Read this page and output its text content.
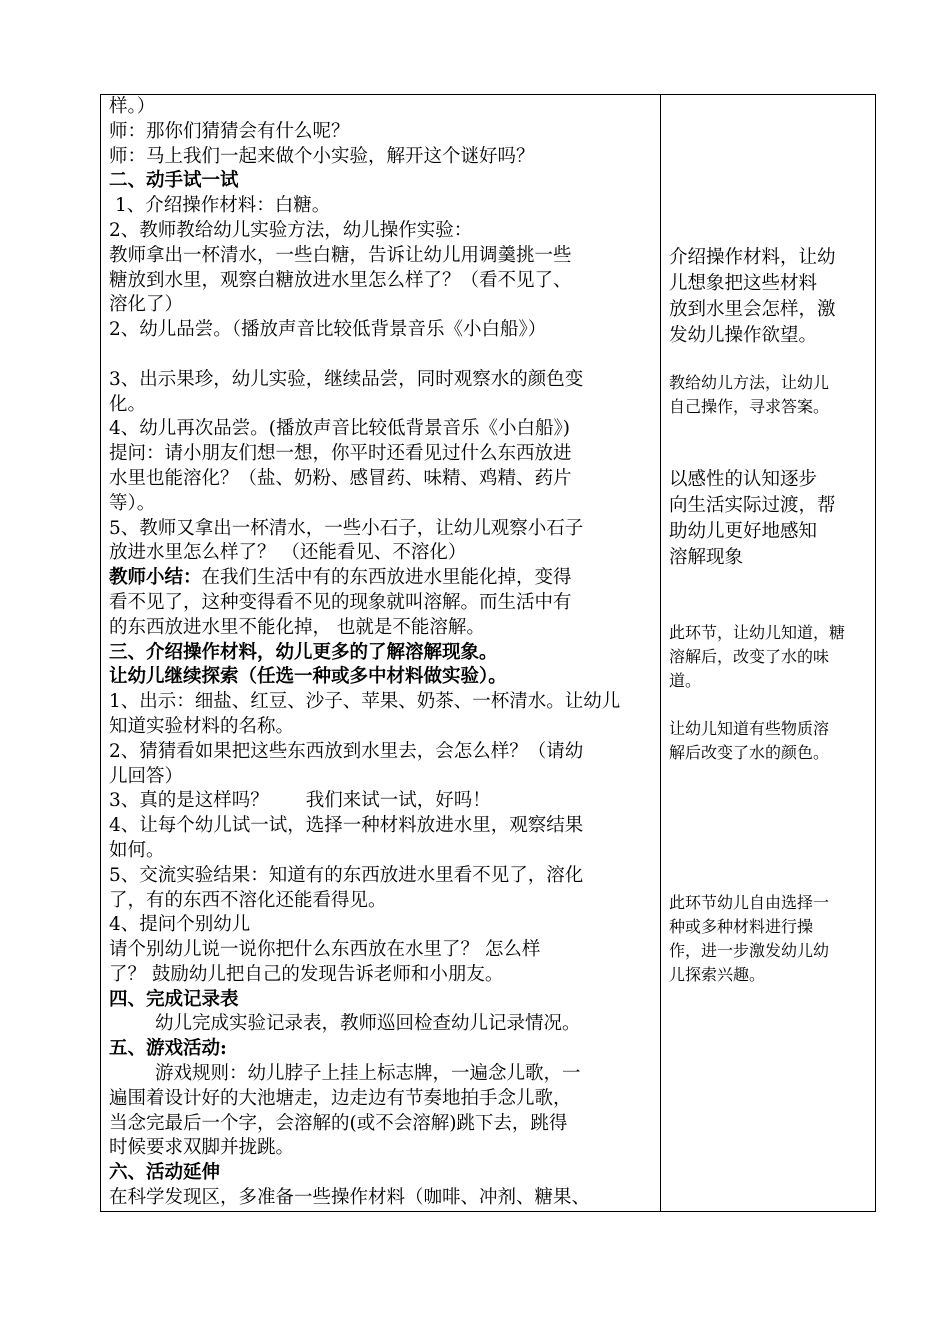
样。）

师：那你们猜猜会有什么呢？

师：马上我们一起来做个小实验，解开这个谜好吗？

二、动手试一试

1、介绍操作材料：白糖。

2、教师教给幼儿实验方法，幼儿操作实验：

教师拿出一杯清水，一些白糖，告诉让幼儿用调羹挑一些

糖放到水里，观察白糖放进水里怎么样了？（看不见了、

溶化了）

2、幼儿品尝。（播放声音比较低背景音乐《小白船》）

3、出示果珍，幼儿实验，继续品尝，同时观察水的颜色变

化。

4、幼儿再次品尝。(播放声音比较低背景音乐《小白船》)

提问：请小朋友们想一想，你平时还看见过什么东西放进

水里也能溶化？（盐、奶粉、感冒药、味精、鸡精、药片

等）。

5、教师又拿出一杯清水，一些小石子，让幼儿观察小石子

放进水里怎么样了？ （还能看见、不溶化）

教师小结：在我们生活中有的东西放进水里能化掉，变得

看不见了，这种变得看不见的现象就叫溶解。而生活中有

的东西放进水里不能化掉， 也就是不能溶解。

三、介绍操作材料，幼儿更多的了解溶解现象。

让幼儿继续探索（任选一种或多中材料做实验）。

1、出示：细盐、红豆、沙子、苹果、奶茶、一杯清水。让幼儿

知道实验材料的名称。

2、猜猜看如果把这些东西放到水里去，会怎么样？（请幼

儿回答）

3、真的是这样吗？　　我们来试一试，好吗！

4、让每个幼儿试一试，选择一种材料放进水里，观察结果

如何。

5、交流实验结果：知道有的东西放进水里看不见了，溶化

了，有的东西不溶化还能看得见。

4、提问个别幼儿

请个别幼儿说一说你把什么东西放在水里了？ 怎么样

了？ 鼓励幼儿把自己的发现告诉老师和小朋友。

四、完成记录表

幼儿完成实验记录表，教师巡回检查幼儿记录情况。

五、游戏活动:

游戏规则：幼儿脖子上挂上标志牌，一遍念儿歌，一

遍围着设计好的大池塘走，边走边有节奏地拍手念儿歌，

当念完最后一个字，会溶解的(或不会溶解)跳下去，跳得

时候要求双脚并拢跳。

六、活动延伸

在科学发现区，多准备一些操作材料（咖啡、冲剂、糖果、

介绍操作材料，让幼
儿想象把这些材料
放到水里会怎样，激
发幼儿操作欲望。
教给幼儿方法，让幼儿
自己操作，寻求答案。
以感性的认知逐步
向生活实际过渡，帮
助幼儿更好地感知
溶解现象
此环节，让幼儿知道，糖
溶解后，改变了水的味
道。
让幼儿知道有些物质溶
解后改变了水的颜色。
此环节幼儿自由选择一
种或多种材料进行操
作，进一步激发幼儿幼
儿探索兴趣。
